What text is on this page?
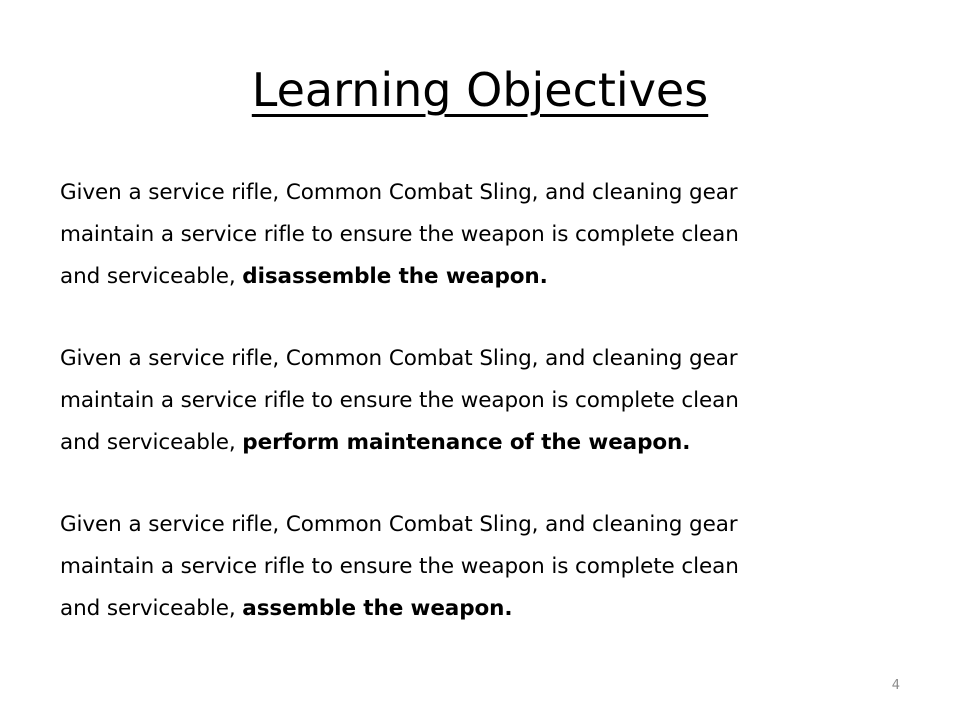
Learning Objectives

Given a service rifle, Common Combat Sling, and cleaning gear
maintain a service rifle to ensure the weapon is complete clean
and serviceable, disassemble the weapon.

Given a service rifle, Common Combat Sling, and cleaning gear
maintain a service rifle to ensure the weapon is complete clean
and serviceable, perform maintenance of the weapon.

Given a service rifle, Common Combat Sling, and cleaning gear
maintain a service rifle to ensure the weapon is complete clean
and serviceable, assemble the weapon.

4
